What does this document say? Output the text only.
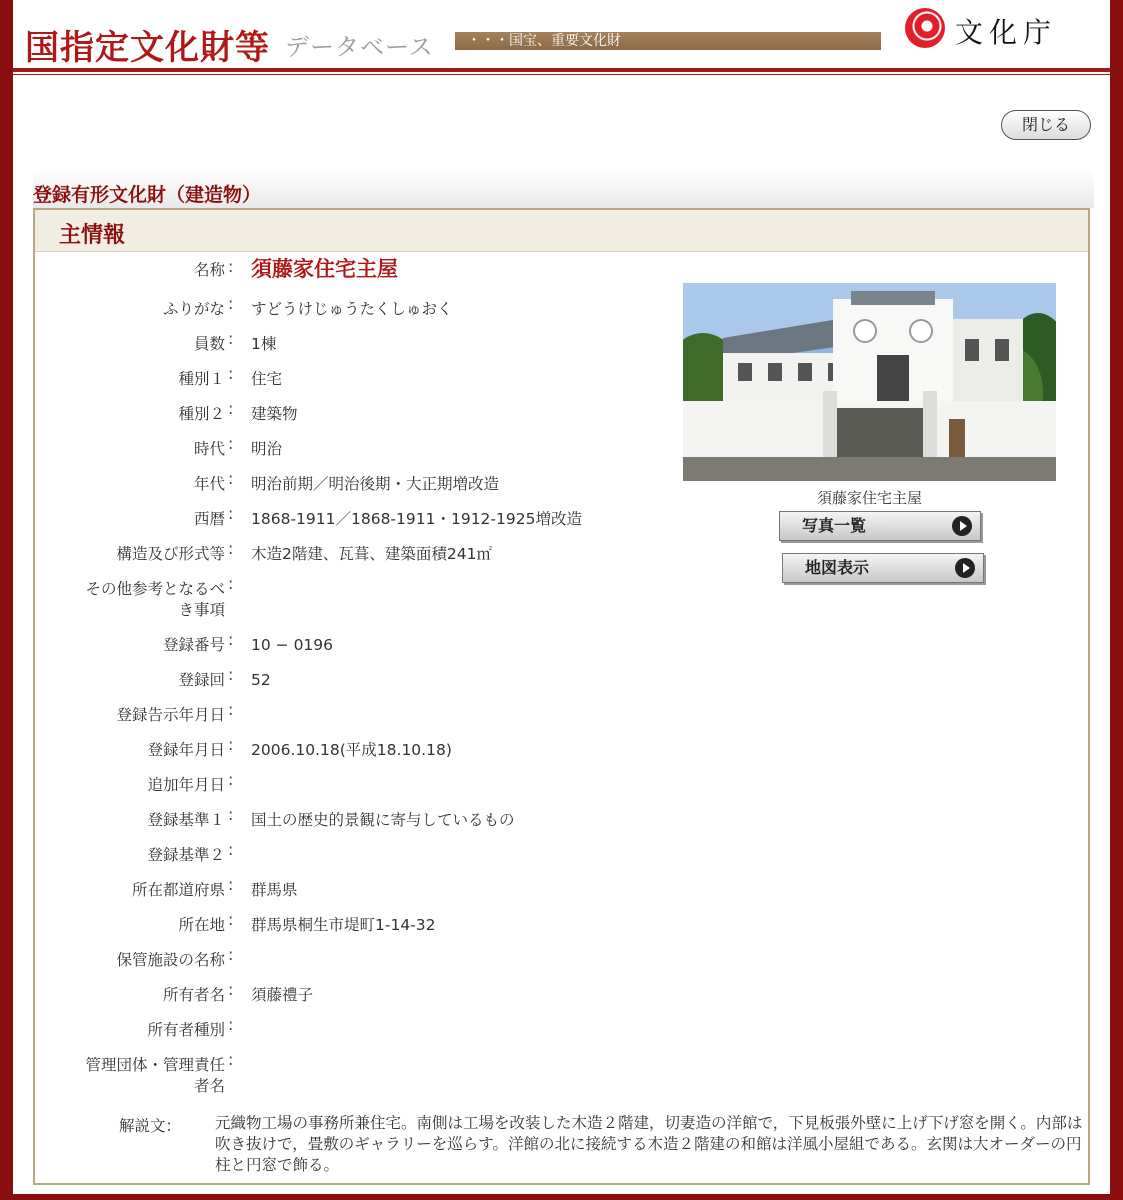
国指定文化財等 データベース	・・・国宝、重要文化財	文化庁
閉じる
登録有形文化財（建造物）
主情報
名称 : 須藤家住宅主屋
ふりがな : すどうけじゅうたくしゅおく
員数 : 1棟
種別１ : 住宅
種別２ : 建築物
時代 : 明治
年代 : 明治前期／明治後期・大正期増改造
西暦 : 1868-1911／1868-1911・1912-1925増改造
構造及び形式等 : 木造2階建、瓦葺、建築面積241㎡
その他参考となるべ
き事項
:
登録番号 : 10 − 0196
登録回 : 52
登録告示年月日 :
登録年月日 : 2006.10.18(平成18.10.18)
追加年月日 :
登録基準１ : 国土の歴史的景観に寄与しているもの
登録基準２ :
所在都道府県 : 群馬県
所在地 : 群馬県桐生市堤町1-14-32
保管施設の名称 :
所有者名 : 須藤禮子
所有者種別 :
管理団体・管理責任
者名
:
須藤家住宅主屋
写真一覧
地図表示
解説文： 元織物工場の事務所兼住宅。南側は工場を改装した木造２階建，切妻造の洋館で，下見板張外壁に上げ下げ窓を開く。内部は吹き抜けで，畳敷のギャラリーを巡らす。洋館の北に接続する木造２階建の和館は洋風小屋組である。玄関は大オーダーの円柱と円窓で飾る。
